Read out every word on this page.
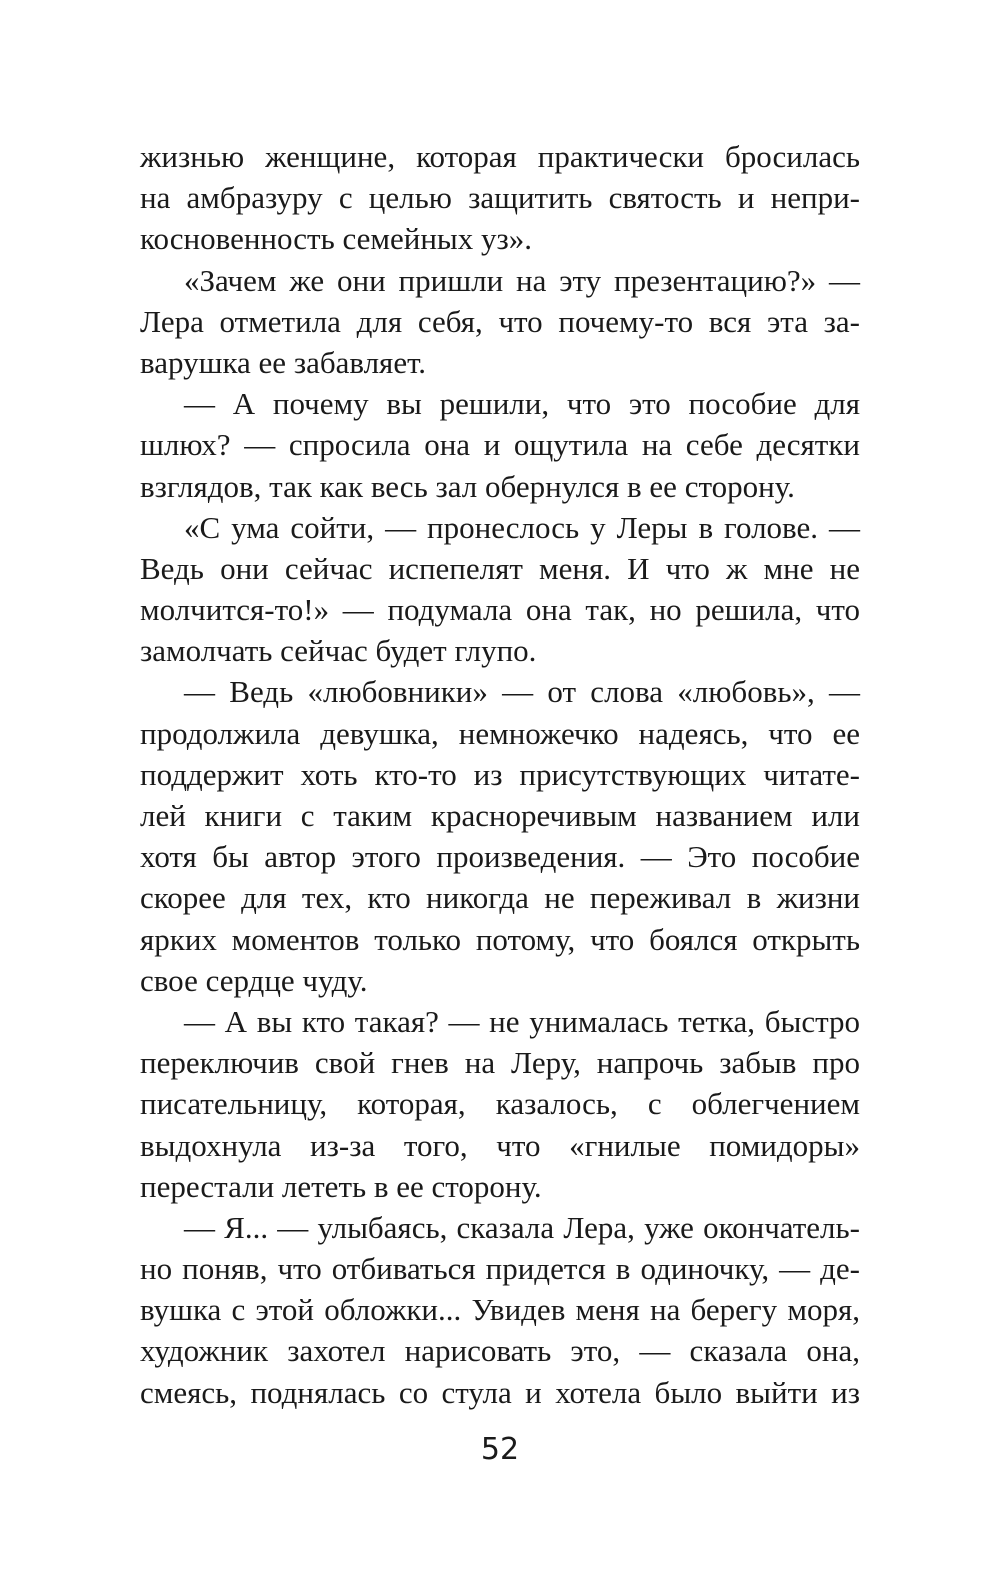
жизнью женщине, которая практически бросилась
на амбразуру с целью защитить святость и непри-
косновенность семейных уз».
«Зачем же они пришли на эту презентацию?» —
Лера отметила для себя, что почему-то вся эта за-
варушка ее забавляет.
— А почему вы решили, что это пособие для
шлюх? — спросила она и ощутила на себе десятки
взглядов, так как весь зал обернулся в ее сторону.
«С ума сойти, — пронеслось у Леры в голове. —
Ведь они сейчас испепелят меня. И что ж мне не
молчится-то!» — подумала она так, но решила, что
замолчать сейчас будет глупо.
— Ведь «любовники» — от слова «любовь», —
продолжила девушка, немножечко надеясь, что ее
поддержит хоть кто-то из присутствующих читате-
лей книги с таким красноречивым названием или
хотя бы автор этого произведения. — Это пособие
скорее для тех, кто никогда не переживал в жизни
ярких моментов только потому, что боялся открыть
свое сердце чуду.
— А вы кто такая? — не унималась тетка, быстро
переключив свой гнев на Леру, напрочь забыв про
писательницу, которая, казалось, с облегчением
выдохнула из-за того, что «гнилые помидоры»
перестали лететь в ее сторону.
— Я... — улыбаясь, сказала Лера, уже окончатель-
но поняв, что отбиваться придется в одиночку, — де-
вушка с этой обложки... Увидев меня на берегу моря,
художник захотел нарисовать это, — сказала она,
смеясь, поднялась со стула и хотела было выйти из
52
